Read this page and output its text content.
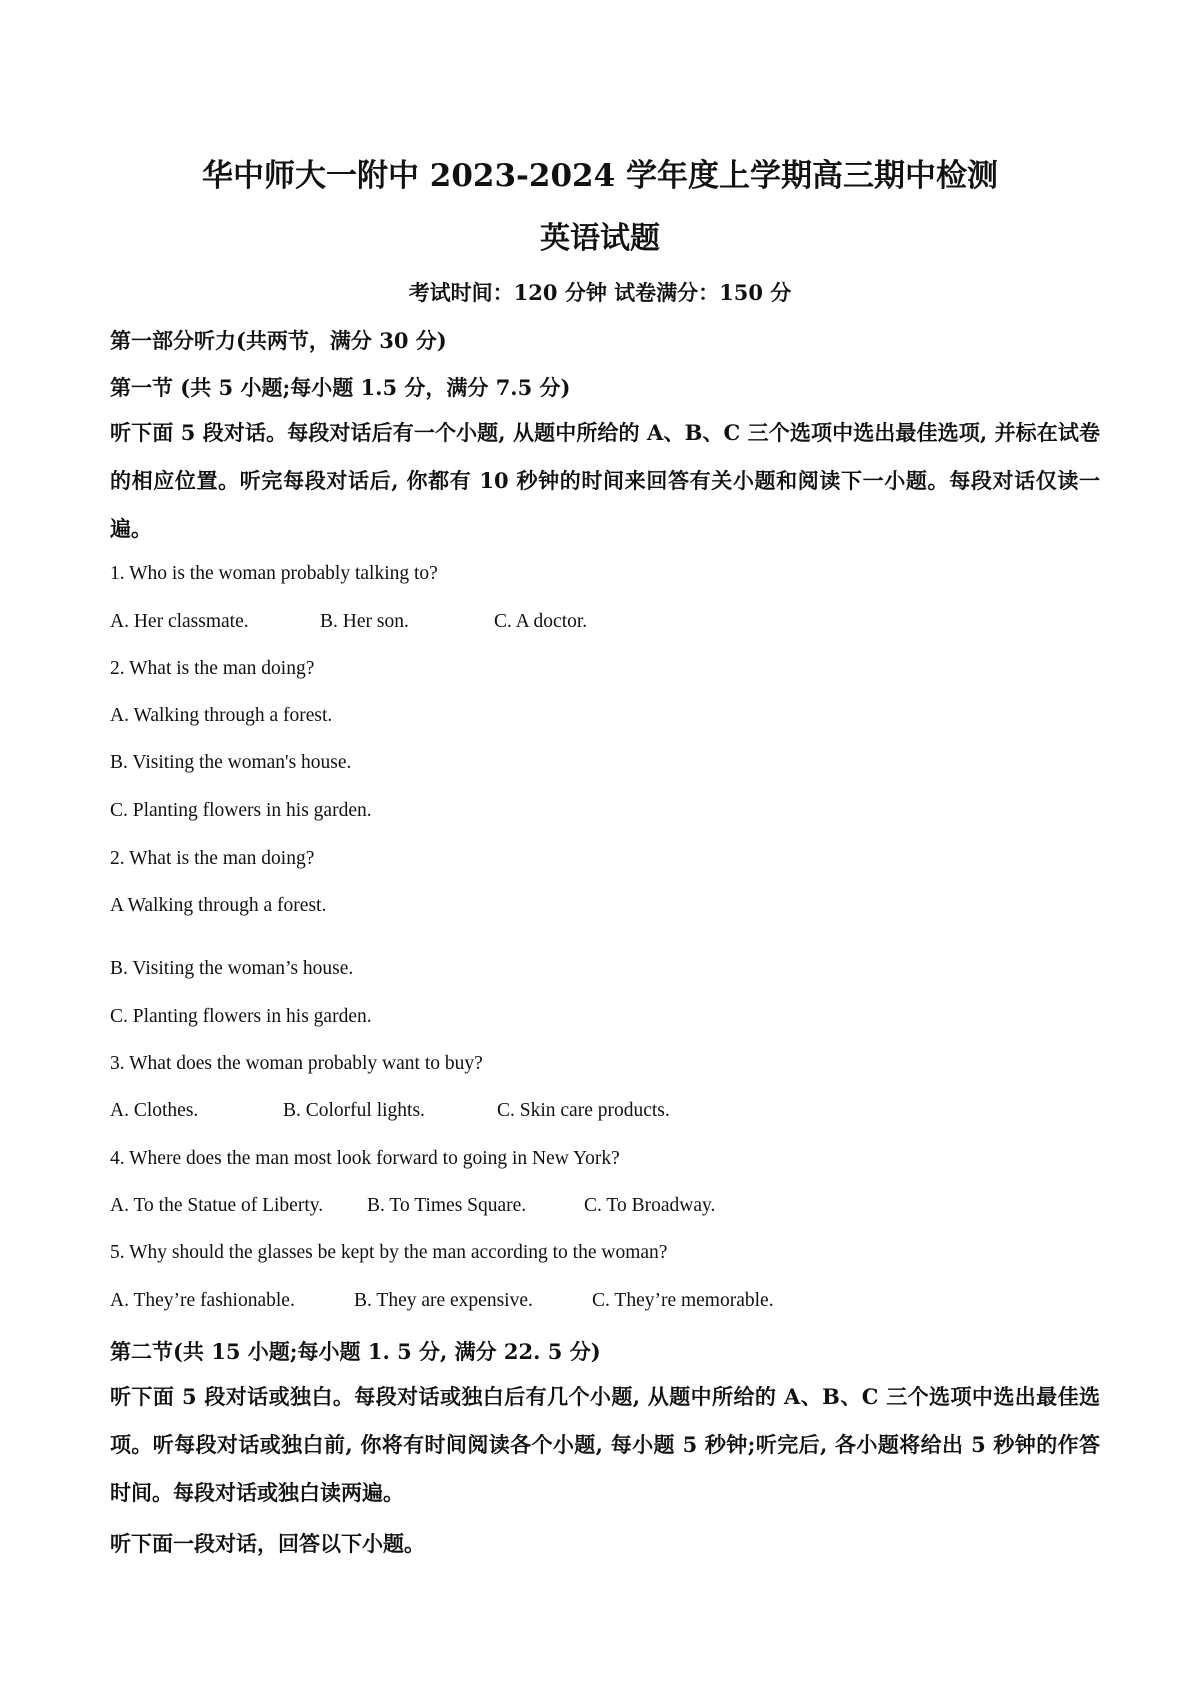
华中师大一附中 2023-2024 学年度上学期高三期中检测
英语试题
考试时间：120 分钟 试卷满分：150 分
第一部分听力(共两节，满分 30 分)
第一节 (共 5 小题;每小题 1.5 分，满分 7.5 分)
听下面 5 段对话。每段对话后有一个小题, 从题中所给的 A、B、C 三个选项中选出最佳选项, 并标在试卷的相应位置。听完每段对话后, 你都有 10 秒钟的时间来回答有关小题和阅读下一小题。每段对话仅读一遍。
1. Who is the woman probably talking to?
A. Her classmate.	B. Her son.	C. A doctor.
2. What is the man doing?
A. Walking through a forest.
B. Visiting the woman's house.
C. Planting flowers in his garden.
2. What is the man doing?
A Walking through a forest.
B. Visiting the woman’s house.
C. Planting flowers in his garden.
3. What does the woman probably want to buy?
A. Clothes.	B. Colorful lights.	C. Skin care products.
4. Where does the man most look forward to going in New York?
A. To the Statue of Liberty. B. To Times Square.	C. To Broadway.
5. Why should the glasses be kept by the man according to the woman?
A. They’re fashionable.	B. They are expensive.	C. They’re memorable.
第二节(共 15 小题;每小题 1. 5 分, 满分 22. 5 分)
听下面 5 段对话或独白。每段对话或独白后有几个小题, 从题中所给的 A、B、C 三个选项中选出最佳选项。听每段对话或独白前, 你将有时间阅读各个小题, 每小题 5 秒钟;听完后, 各小题将给出 5 秒钟的作答时间。每段对话或独白读两遍。
听下面一段对话，回答以下小题。
